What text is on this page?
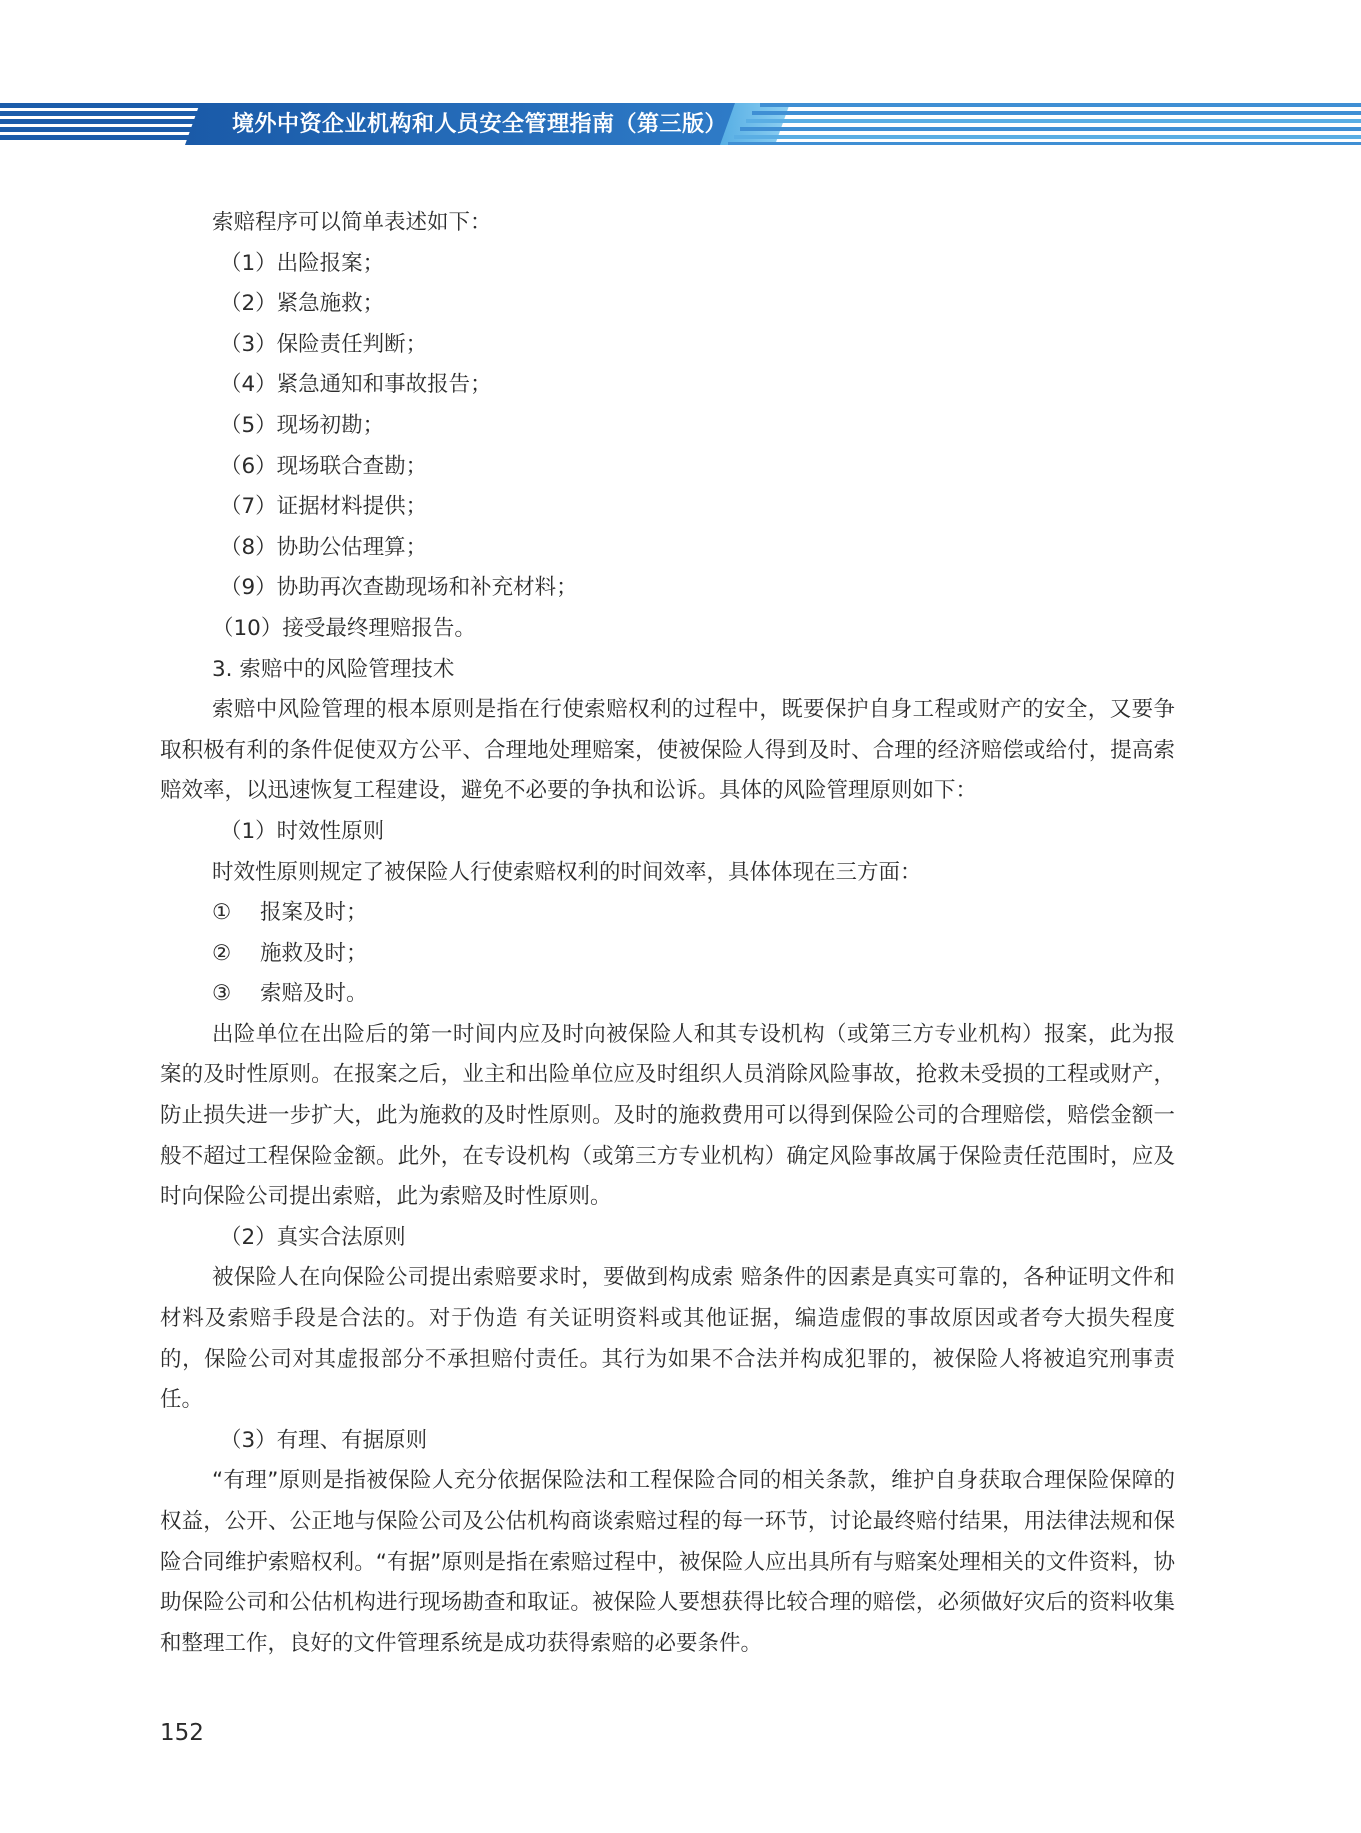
境外中资企业机构和人员安全管理指南（第三版）

索赔程序可以简单表述如下：

（1）出险报案；

（2）紧急施救；

（3）保险责任判断；

（4）紧急通知和事故报告；

（5）现场初勘；

（6）现场联合查勘；

（7）证据材料提供；

（8）协助公估理算；

（9）协助再次查勘现场和补充材料；

（10）接受最终理赔报告。

3. 索赔中的风险管理技术

索赔中风险管理的根本原则是指在行使索赔权利的过程中，既要保护自身工程或财产的安全，又要争取积极有利的条件促使双方公平、合理地处理赔案，使被保险人得到及时、合理的经济赔偿或给付，提高索赔效率，以迅速恢复工程建设，避免不必要的争执和讼诉。具体的风险管理原则如下：

（1）时效性原则

时效性原则规定了被保险人行使索赔权利的时间效率，具体体现在三方面：

① 报案及时；

② 施救及时；

③ 索赔及时。

出险单位在出险后的第一时间内应及时向被保险人和其专设机构（或第三方专业机构）报案，此为报案的及时性原则。在报案之后，业主和出险单位应及时组织人员消除风险事故，抢救未受损的工程或财产，防止损失进一步扩大，此为施救的及时性原则。及时的施救费用可以得到保险公司的合理赔偿，赔偿金额一般不超过工程保险金额。此外，在专设机构（或第三方专业机构）确定风险事故属于保险责任范围时，应及时向保险公司提出索赔，此为索赔及时性原则。

（2）真实合法原则

被保险人在向保险公司提出索赔要求时，要做到构成索 赔条件的因素是真实可靠的，各种证明文件和材料及索赔手段是合法的。对于伪造 有关证明资料或其他证据，编造虚假的事故原因或者夸大损失程度的，保险公司对其虚报部分不承担赔付责任。其行为如果不合法并构成犯罪的，被保险人将被追究刑事责任。

（3）有理、有据原则

“有理”原则是指被保险人充分依据保险法和工程保险合同的相关条款，维护自身获取合理保险保障的权益，公开、公正地与保险公司及公估机构商谈索赔过程的每一环节，讨论最终赔付结果，用法律法规和保险合同维护索赔权利。“有据”原则是指在索赔过程中，被保险人应出具所有与赔案处理相关的文件资料，协助保险公司和公估机构进行现场勘查和取证。被保险人要想获得比较合理的赔偿，必须做好灾后的资料收集和整理工作，良好的文件管理系统是成功获得索赔的必要条件。

152
